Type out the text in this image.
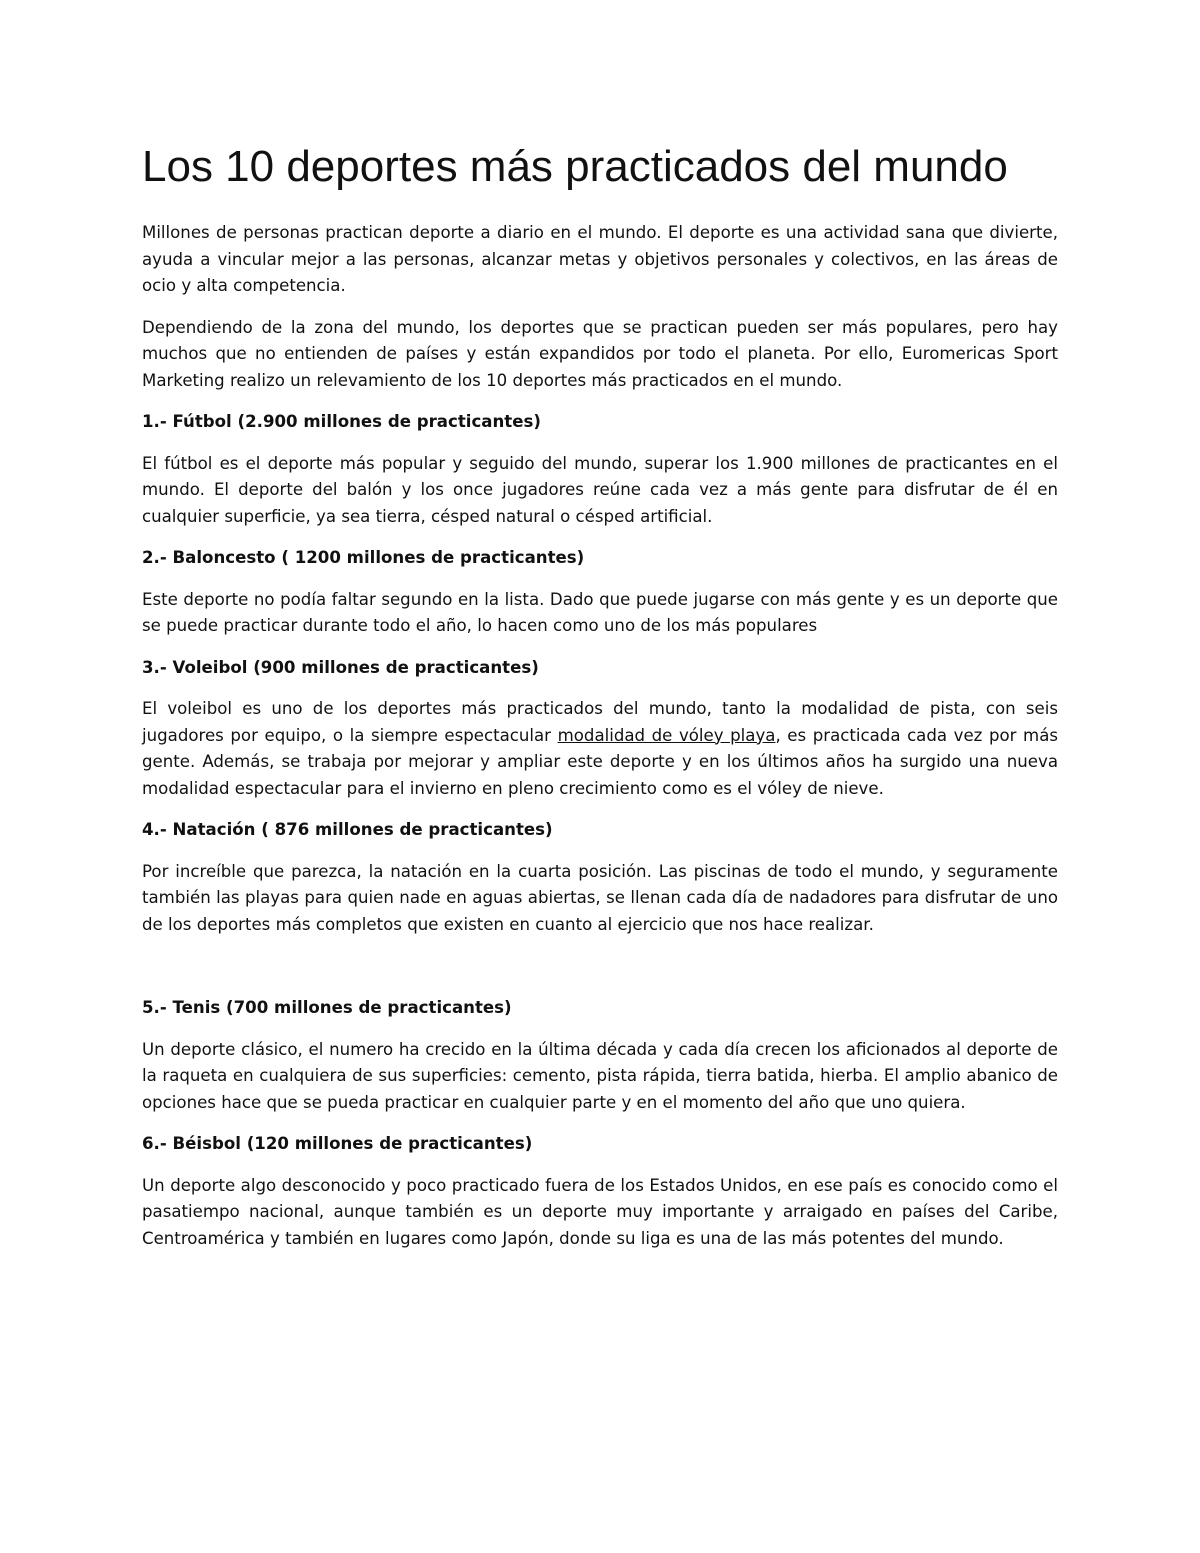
Los 10 deportes más practicados del mundo

Millones de personas practican deporte a diario en el mundo. El deporte es una actividad sana que divierte, ayuda a vincular mejor a las personas, alcanzar metas y objetivos personales y colectivos, en las áreas de ocio y alta competencia.

Dependiendo de la zona del mundo, los deportes que se practican pueden ser más populares, pero hay muchos que no entienden de países y están expandidos por todo el planeta. Por ello, Euromericas Sport Marketing realizo un relevamiento de los 10 deportes más practicados en el mundo.

1.- Fútbol (2.900 millones de practicantes)

El fútbol es el deporte más popular y seguido del mundo, superar los 1.900 millones de practicantes en el mundo. El deporte del balón y los once jugadores reúne cada vez a más gente para disfrutar de él en cualquier superficie, ya sea tierra, césped natural o césped artificial.

2.- Baloncesto ( 1200 millones de practicantes)

Este deporte no podía faltar segundo en la lista. Dado que puede jugarse con más gente y es un deporte que se puede practicar durante todo el año, lo hacen como uno de los más populares

3.- Voleibol (900 millones de practicantes)

El voleibol es uno de los deportes más practicados del mundo, tanto la modalidad de pista, con seis jugadores por equipo, o la siempre espectacular modalidad de vóley playa, es practicada cada vez por más gente. Además, se trabaja por mejorar y ampliar este deporte y en los últimos años ha surgido una nueva modalidad espectacular para el invierno en pleno crecimiento como es el vóley de nieve.

4.- Natación ( 876 millones de practicantes)

Por increíble que parezca, la natación en la cuarta posición. Las piscinas de todo el mundo, y seguramente también las playas para quien nade en aguas abiertas, se llenan cada día de nadadores para disfrutar de uno de los deportes más completos que existen en cuanto al ejercicio que nos hace realizar.

5.- Tenis (700 millones de practicantes)

Un deporte clásico, el numero ha crecido en la última década y cada día crecen los aficionados al deporte de la raqueta en cualquiera de sus superficies: cemento, pista rápida, tierra batida, hierba. El amplio abanico de opciones hace que se pueda practicar en cualquier parte y en el momento del año que uno quiera.

6.- Béisbol (120 millones de practicantes)

Un deporte algo desconocido y poco practicado fuera de los Estados Unidos, en ese país es conocido como el pasatiempo nacional, aunque también es un deporte muy importante y arraigado en países del Caribe, Centroamérica y también en lugares como Japón, donde su liga es una de las más potentes del mundo.
